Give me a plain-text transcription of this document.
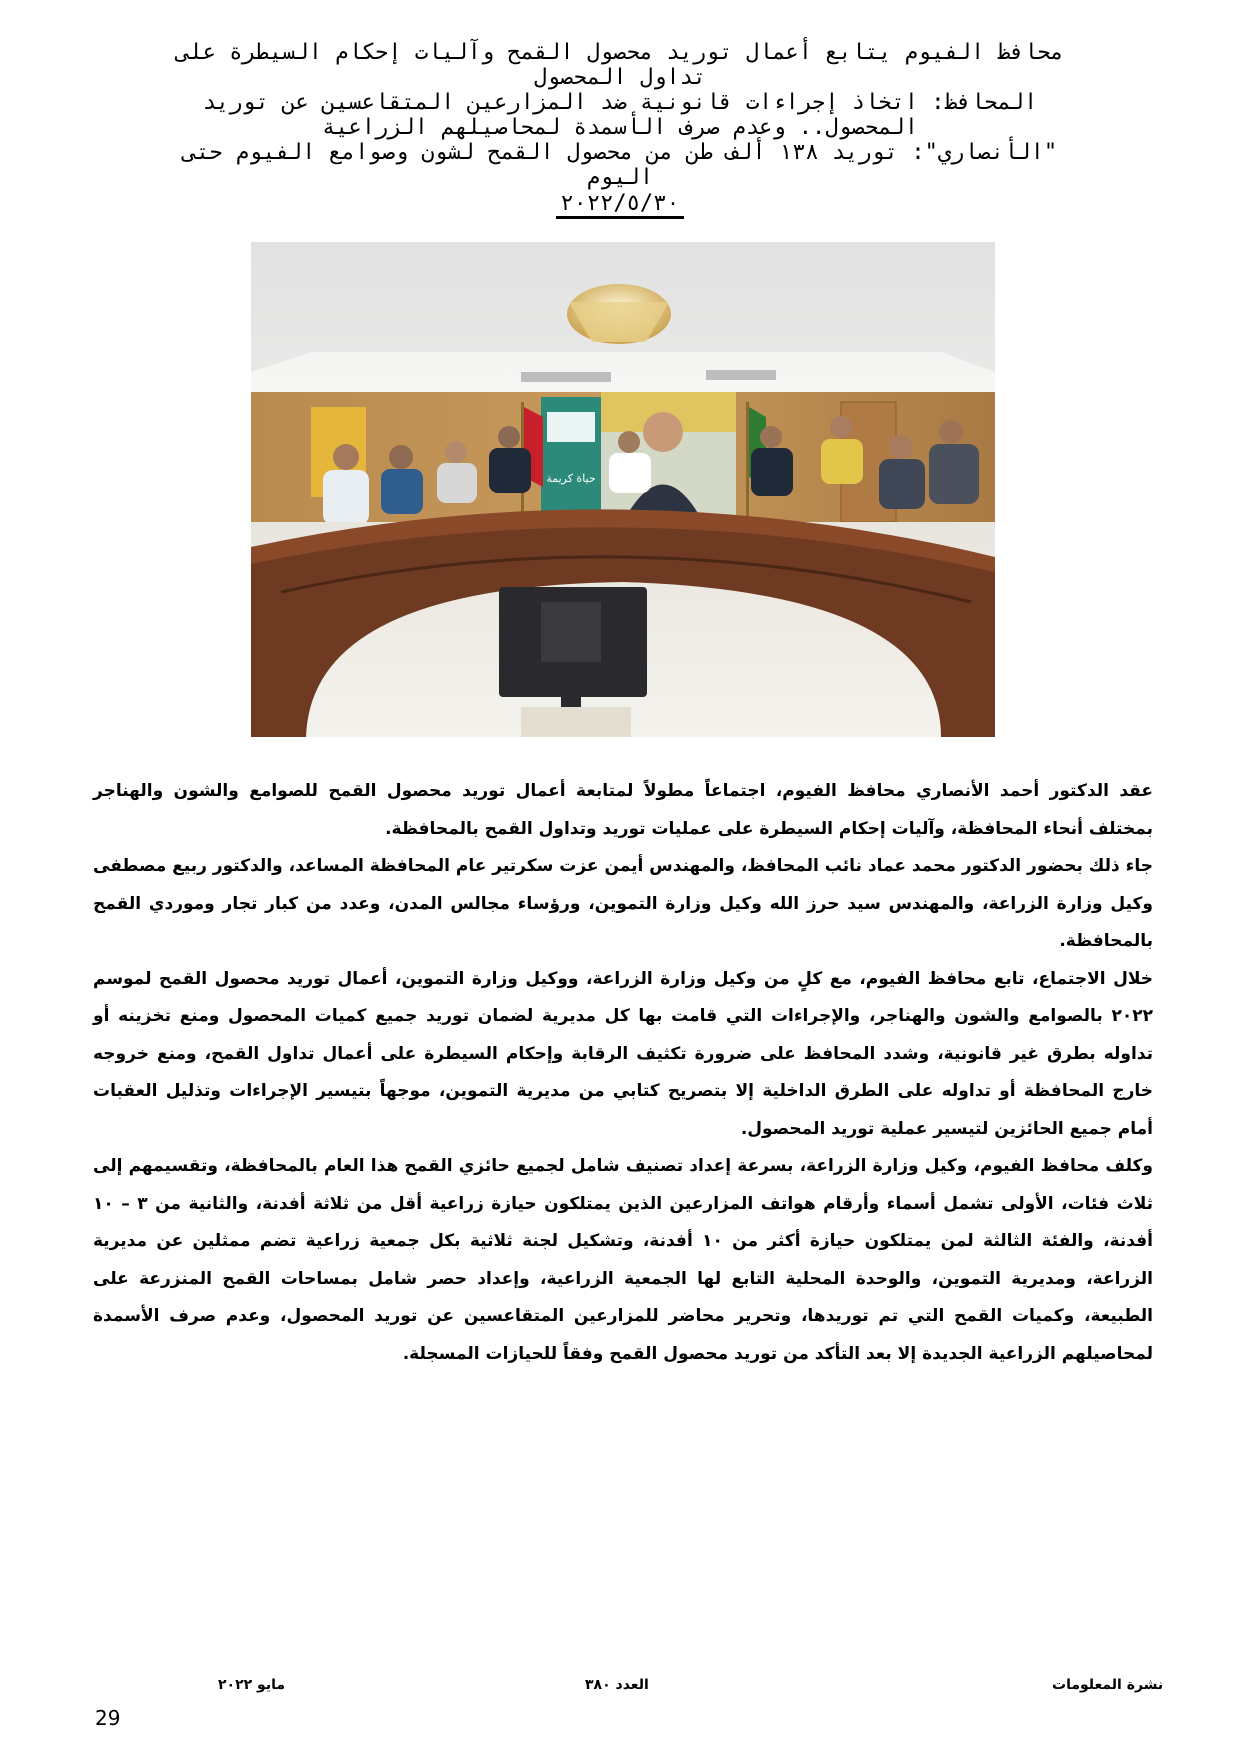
محافظ الفيوم يتابع أعمال توريد محصول القمح وآليات إحكام السيطرة على
تداول المحصول
المحافظ: اتخاذ إجراءات قانونية ضد المزارعين المتقاعسين عن توريد
المحصول.. وعدم صرف الأسمدة لمحاصيلهم الزراعية
"الأنصاري": توريد ١٣٨ ألف طن من محصول القمح لشون وصوامع الفيوم حتى
اليوم
٢٠٢٢/٥/٣٠
حياة كريمة

عقد الدكتور أحمد الأنصاري محافظ الفيوم، اجتماعاً مطولاً لمتابعة أعمال توريد محصول القمح للصوامع والشون والهناجر بمختلف أنحاء المحافظة، وآليات إحكام السيطرة على عمليات توريد وتداول القمح بالمحافظة.

جاء ذلك بحضور الدكتور محمد عماد نائب المحافظ، والمهندس أيمن عزت سكرتير عام المحافظة المساعد، والدكتور ربيع مصطفى وكيل وزارة الزراعة، والمهندس سيد حرز الله وكيل وزارة التموين، ورؤساء مجالس المدن، وعدد من كبار تجار وموردي القمح بالمحافظة.

خلال الاجتماع، تابع محافظ الفيوم، مع كلٍ من وكيل وزارة الزراعة، ووكيل وزارة التموين، أعمال توريد محصول القمح لموسم ٢٠٢٢ بالصوامع والشون والهناجر، والإجراءات التي قامت بها كل مديرية لضمان توريد جميع كميات المحصول ومنع تخزينه أو تداوله بطرق غير قانونية، وشدد المحافظ على ضرورة تكثيف الرقابة وإحكام السيطرة على أعمال تداول القمح، ومنع خروجه خارج المحافظة أو تداوله على الطرق الداخلية إلا بتصريح كتابي من مديرية التموين، موجهاً بتيسير الإجراءات وتذليل العقبات أمام جميع الحائزين لتيسير عملية توريد المحصول.

وكلف محافظ الفيوم، وكيل وزارة الزراعة، بسرعة إعداد تصنيف شامل لجميع حائزي القمح هذا العام بالمحافظة، وتقسيمهم إلى ثلاث فئات، الأولى تشمل أسماء وأرقام هواتف المزارعين الذين يمتلكون حيازة زراعية أقل من ثلاثة أفدنة، والثانية من ٣ – ١٠ أفدنة، والفئة الثالثة لمن يمتلكون حيازة أكثر من ١٠ أفدنة، وتشكيل لجنة ثلاثية بكل جمعية زراعية تضم ممثلين عن مديرية الزراعة، ومديرية التموين، والوحدة المحلية التابع لها الجمعية الزراعية، وإعداد حصر شامل بمساحات القمح المنزرعة على الطبيعة، وكميات القمح التي تم توريدها، وتحرير محاضر للمزارعين المتقاعسين عن توريد المحصول، وعدم صرف الأسمدة لمحاصيلهم الزراعية الجديدة إلا بعد التأكد من توريد محصول القمح وفقاً للحيازات المسجلة.

مايو ٢٠٢٢	العدد ٣٨٠	نشرة المعلومات
29
